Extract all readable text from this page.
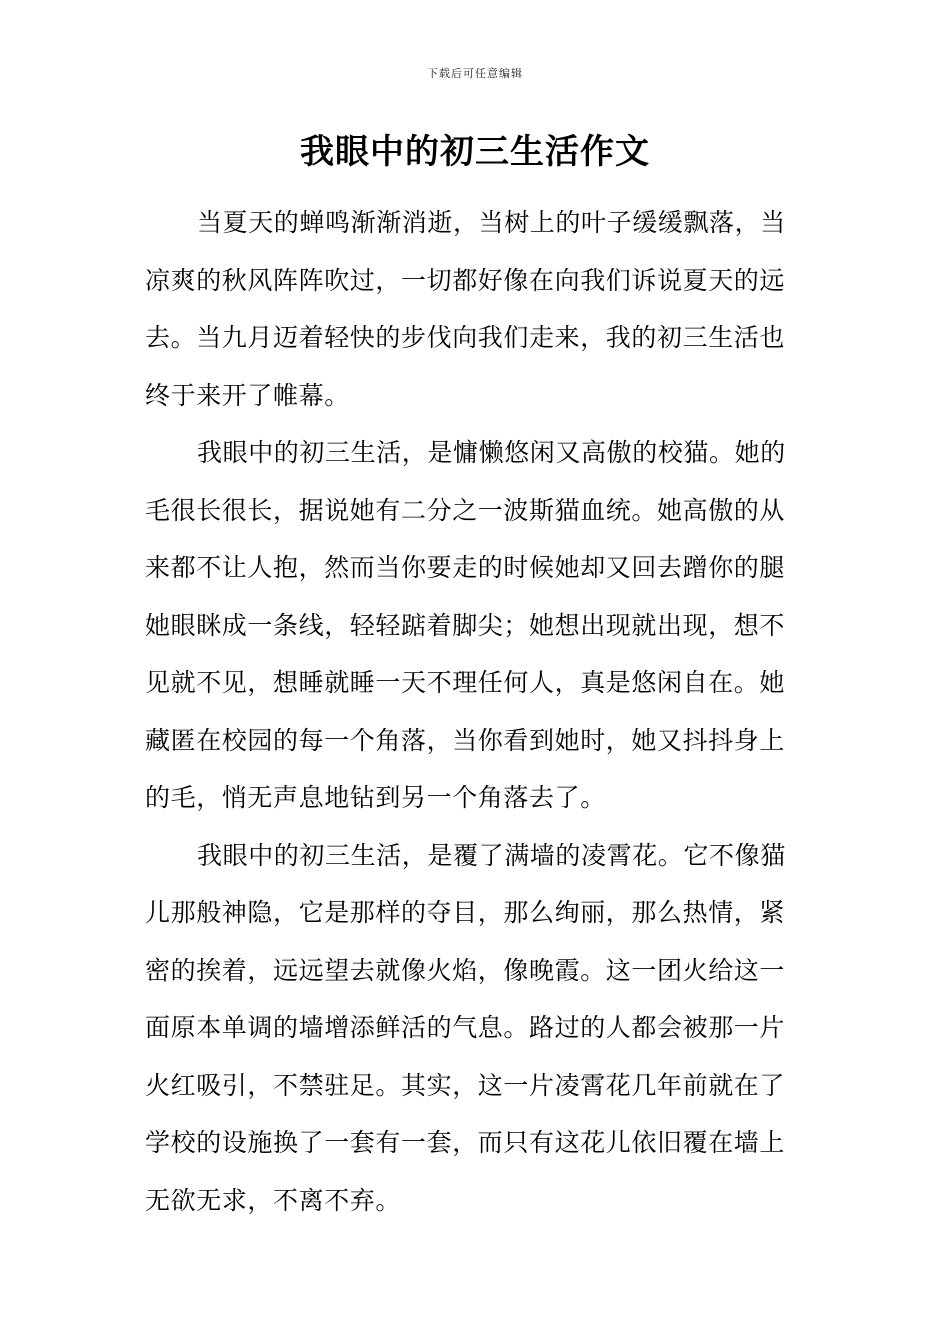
下载后可任意编辑
我眼中的初三生活作文
当夏天的蝉鸣渐渐消逝，当树上的叶子缓缓飘落，当
凉爽的秋风阵阵吹过，一切都好像在向我们诉说夏天的远
去。当九月迈着轻快的步伐向我们走来，我的初三生活也
终于来开了帷幕。
我眼中的初三生活，是慵懒悠闲又高傲的校猫。她的
毛很长很长，据说她有二分之一波斯猫血统。她高傲的从
来都不让人抱，然而当你要走的时候她却又回去蹭你的腿
她眼眯成一条线，轻轻踮着脚尖；她想出现就出现，想不
见就不见，想睡就睡一天不理任何人，真是悠闲自在。她
藏匿在校园的每一个角落，当你看到她时，她又抖抖身上
的毛，悄无声息地钻到另一个角落去了。
我眼中的初三生活，是覆了满墙的凌霄花。它不像猫
儿那般神隐，它是那样的夺目，那么绚丽，那么热情，紧
密的挨着，远远望去就像火焰，像晚霞。这一团火给这一
面原本单调的墙增添鲜活的气息。路过的人都会被那一片
火红吸引，不禁驻足。其实，这一片凌霄花几年前就在了
学校的设施换了一套有一套，而只有这花儿依旧覆在墙上
无欲无求，不离不弃。
